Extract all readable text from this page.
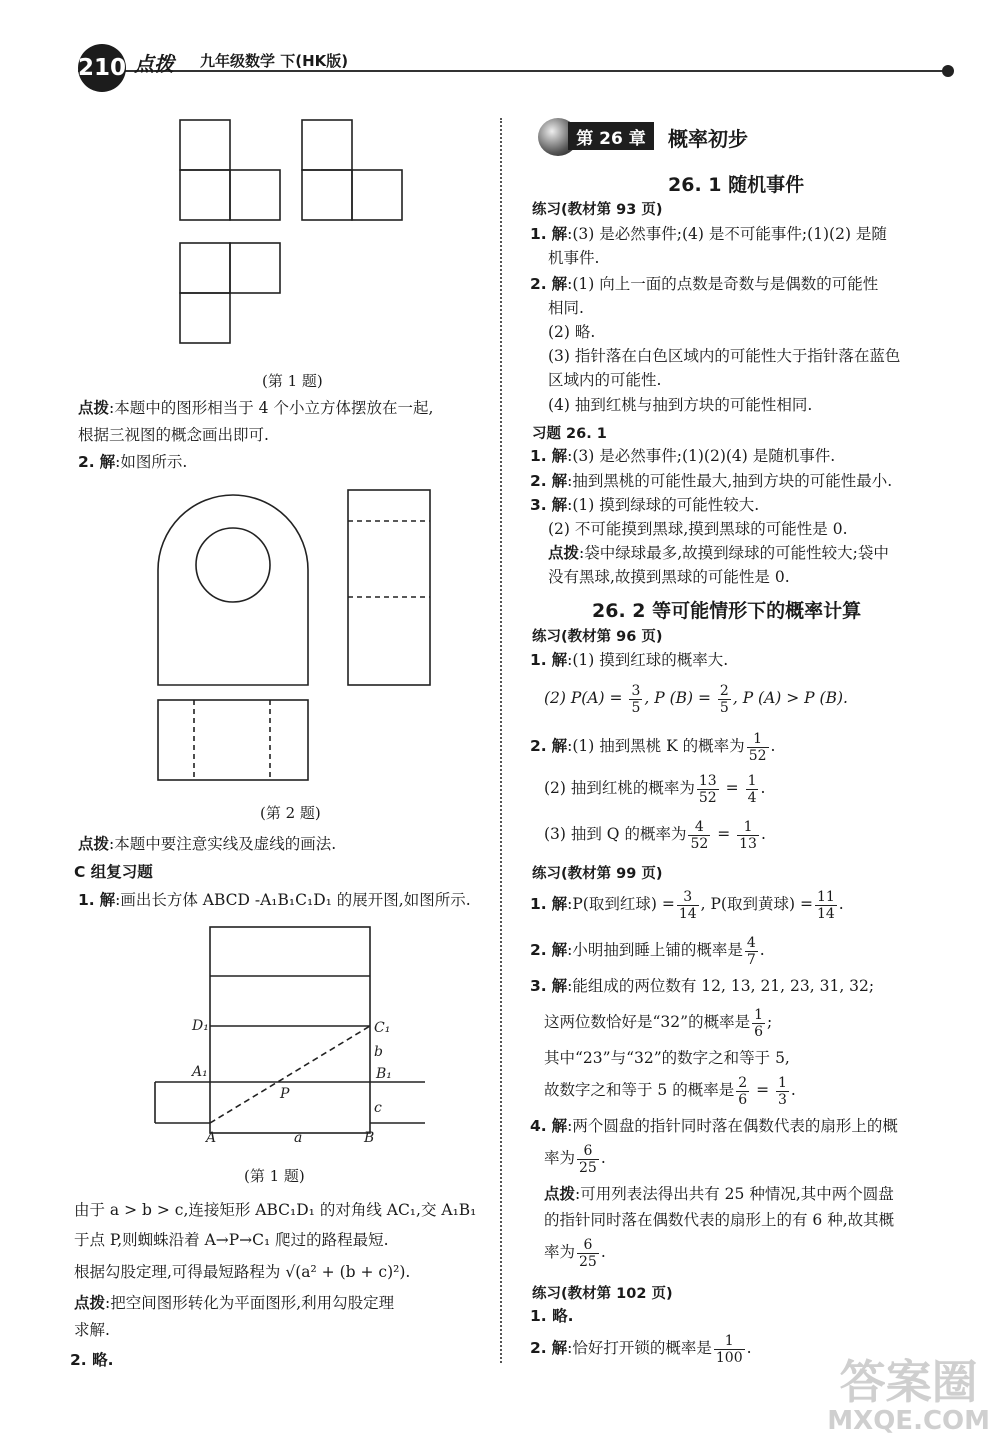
210 点拨 九年级数学 下(HK版)
(第 1 题)
点拨:本题中的图形相当于 4 个小立方体摆放在一起,
根据三视图的概念画出即可.
2. 解:如图所示.
(第 2 题)
点拨:本题中要注意实线及虚线的画法.
C 组复习题
1. 解:画出长方体 ABCD -A₁B₁C₁D₁ 的展开图,如图所示.
D₁	C₁
b
A₁	B₁
P
c
A	a	B
(第 1 题)
由于 a > b > c,连接矩形 ABC₁D₁ 的对角线 AC₁,交 A₁B₁
于点 P,则蜘蛛沿着 A→P→C₁ 爬过的路程最短.
根据勾股定理,可得最短路程为 √(a² + (b + c)²).
点拨:把空间图形转化为平面图形,利用勾股定理
求解.
2. 略.
第 26 章	概率初步
26. 1 随机事件
练习(教材第 93 页)
1. 解:(3) 是必然事件;(4) 是不可能事件;(1)(2) 是随
机事件.
2. 解:(1) 向上一面的点数是奇数与是偶数的可能性
相同.
(2) 略.
(3) 指针落在白色区域内的可能性大于指针落在蓝色
区域内的可能性.
(4) 抽到红桃与抽到方块的可能性相同.
习题 26. 1
1. 解:(3) 是必然事件;(1)(2)(4) 是随机事件.
2. 解:抽到黑桃的可能性最大,抽到方块的可能性最小.
3. 解:(1) 摸到绿球的可能性较大.
(2) 不可能摸到黑球,摸到黑球的可能性是 0.
点拨:袋中绿球最多,故摸到绿球的可能性较大;袋中
没有黑球,故摸到黑球的可能性是 0.
26. 2 等可能情形下的概率计算
练习(教材第 96 页)
1. 解:(1) 摸到红球的概率大.
(2) $P(A) = \frac{3}{5}$ , P $(B) = \frac{2}{5}$ , P (A) > P (B).
2. 解:(1) 抽到黑桃 K 的概率为 $\frac{1}{52}$ .
(2) 抽到红桃的概率为 $\frac{13}{52} = \frac{1}{4}$ .
(3) 抽到 Q 的概率为 $\frac{4}{52} = \frac{1}{13}$ .
练习(教材第 99 页)
1. 解:P(取到红球) = $\frac{3}{14}$ , P(取到黄球) = $\frac{11}{14}$ .
2. 解:小明抽到睡上铺的概率是 $\frac{4}{7}$ .
3. 解:能组成的两位数有 12, 13, 21, 23, 31, 32;
这两位数恰好是“32”的概率是 $\frac{1}{6}$ ;
其中“23”与“32”的数字之和等于 5,
故数字之和等于 5 的概率是 $\frac{2}{6} = \frac{1}{3}$ .
4. 解:两个圆盘的指针同时落在偶数代表的扇形上的概
率为 $\frac{6}{25}$ .
点拨:可用列表法得出共有 25 种情况,其中两个圆盘
的指针同时落在偶数代表的扇形上的有 6 种,故其概
率为 $\frac{6}{25}$ .
练习(教材第 102 页)
1. 略.
2. 解:恰好打开锁的概率是 $\frac{1}{100}$ .
答案圈
MXQE.COM
